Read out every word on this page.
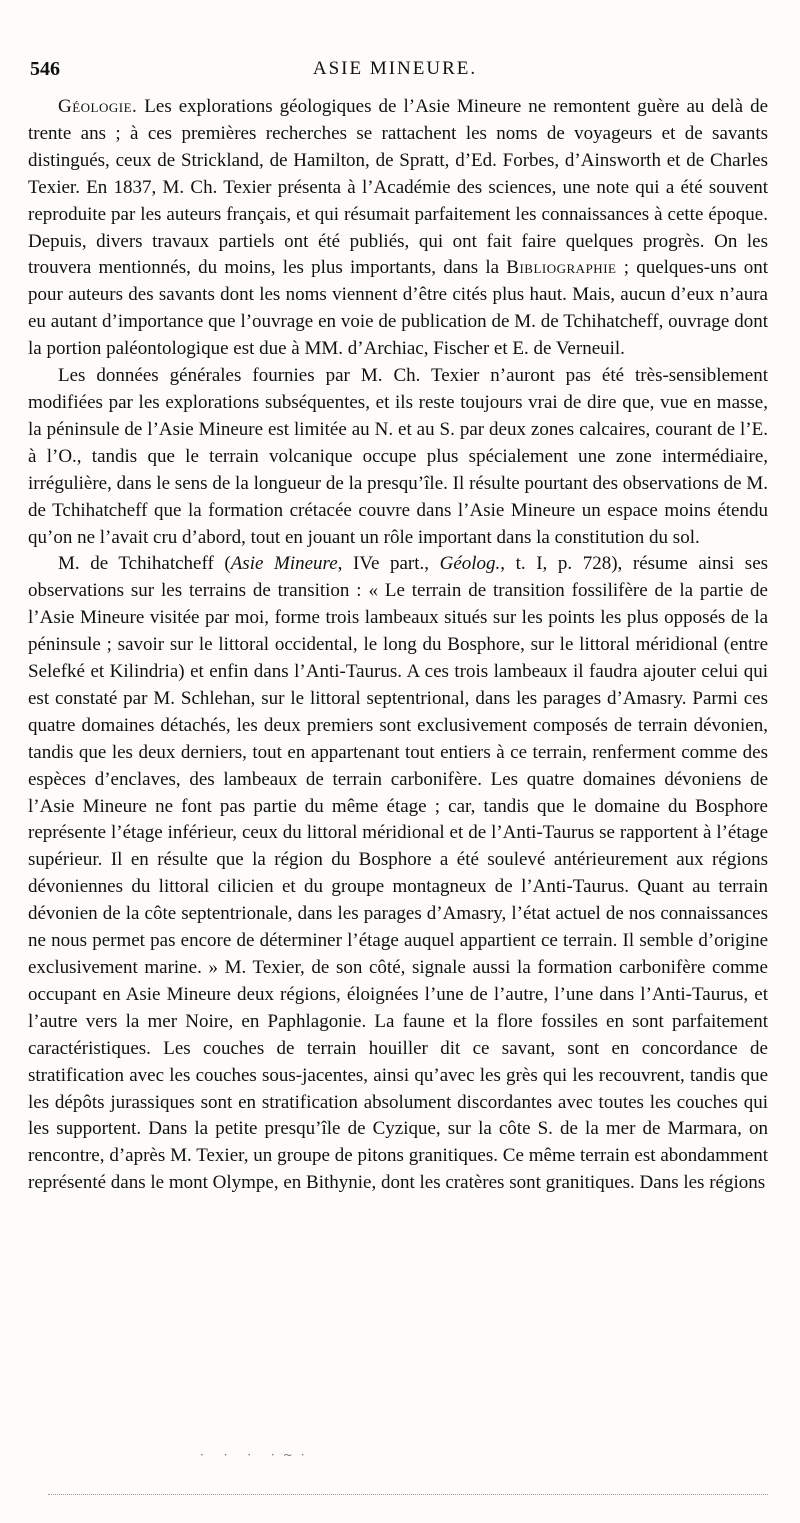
546	ASIE MINEURE.

Géologie. Les explorations géologiques de l’Asie Mineure ne remontent guère au delà de trente ans ; à ces premières recherches se rattachent les noms de voyageurs et de savants distingués, ceux de Strickland, de Hamilton, de Spratt, d’Ed. Forbes, d’Ainsworth et de Charles Texier. En 1837, M. Ch. Texier présenta à l’Académie des sciences, une note qui a été souvent reproduite par les auteurs français, et qui résumait parfaitement les connaissances à cette époque. Depuis, divers travaux partiels ont été publiés, qui ont fait faire quelques progrès. On les trouvera mentionnés, du moins, les plus importants, dans la Bibliographie ; quelques-uns ont pour auteurs des savants dont les noms viennent d’être cités plus haut. Mais, aucun d’eux n’aura eu autant d’importance que l’ouvrage en voie de publication de M. de Tchihatcheff, ouvrage dont la portion paléontologique est due à MM. d’Archiac, Fischer et E. de Verneuil.

Les données générales fournies par M. Ch. Texier n’auront pas été très-sensiblement modifiées par les explorations subséquentes, et ils reste toujours vrai de dire que, vue en masse, la péninsule de l’Asie Mineure est limitée au N. et au S. par deux zones calcaires, courant de l’E. à l’O., tandis que le terrain volcanique occupe plus spécialement une zone intermédiaire, irrégulière, dans le sens de la longueur de la presqu’île. Il résulte pourtant des observations de M. de Tchihatcheff que la formation crétacée couvre dans l’Asie Mineure un espace moins étendu qu’on ne l’avait cru d’abord, tout en jouant un rôle important dans la constitution du sol.

M. de Tchihatcheff (Asie Mineure, IVe part., Géolog., t. I, p. 728), résume ainsi ses observations sur les terrains de transition : « Le terrain de transition fossilifère de la partie de l’Asie Mineure visitée par moi, forme trois lambeaux situés sur les points les plus opposés de la péninsule ; savoir sur le littoral occidental, le long du Bosphore, sur le littoral méridional (entre Selefké et Kilindria) et enfin dans l’Anti-Taurus. A ces trois lambeaux il faudra ajouter celui qui est constaté par M. Schlehan, sur le littoral septentrional, dans les parages d’Amasry. Parmi ces quatre domaines détachés, les deux premiers sont exclusivement composés de terrain dévonien, tandis que les deux derniers, tout en appartenant tout entiers à ce terrain, renferment comme des espèces d’enclaves, des lambeaux de terrain carbonifère. Les quatre domaines dévoniens de l’Asie Mineure ne font pas partie du même étage ; car, tandis que le domaine du Bosphore représente l’étage inférieur, ceux du littoral méridional et de l’Anti-Taurus se rapportent à l’étage supérieur. Il en résulte que la région du Bosphore a été soulevé antérieurement aux régions dévoniennes du littoral cilicien et du groupe montagneux de l’Anti-Taurus. Quant au terrain dévonien de la côte septentrionale, dans les parages d’Amasry, l’état actuel de nos connaissances ne nous permet pas encore de déterminer l’étage auquel appartient ce terrain. Il semble d’origine exclusivement marine. » M. Texier, de son côté, signale aussi la formation carbonifère comme occupant en Asie Mineure deux régions, éloignées l’une de l’autre, l’une dans l’Anti-Taurus, et l’autre vers la mer Noire, en Paphlagonie. La faune et la flore fossiles en sont parfaitement caractéristiques. Les couches de terrain houiller dit ce savant, sont en concordance de stratification avec les couches sous-jacentes, ainsi qu’avec les grès qui les recouvrent, tandis que les dépôts jurassiques sont en stratification absolument discordantes avec toutes les couches qui les supportent. Dans la petite presqu’île de Cyzique, sur la côte S. de la mer de Marmara, on rencontre, d’après M. Texier, un groupe de pitons granitiques. Ce même terrain est abondamment représenté dans le mont Olympe, en Bithynie, dont les cratères sont granitiques. Dans les régions

· · · ·~·
